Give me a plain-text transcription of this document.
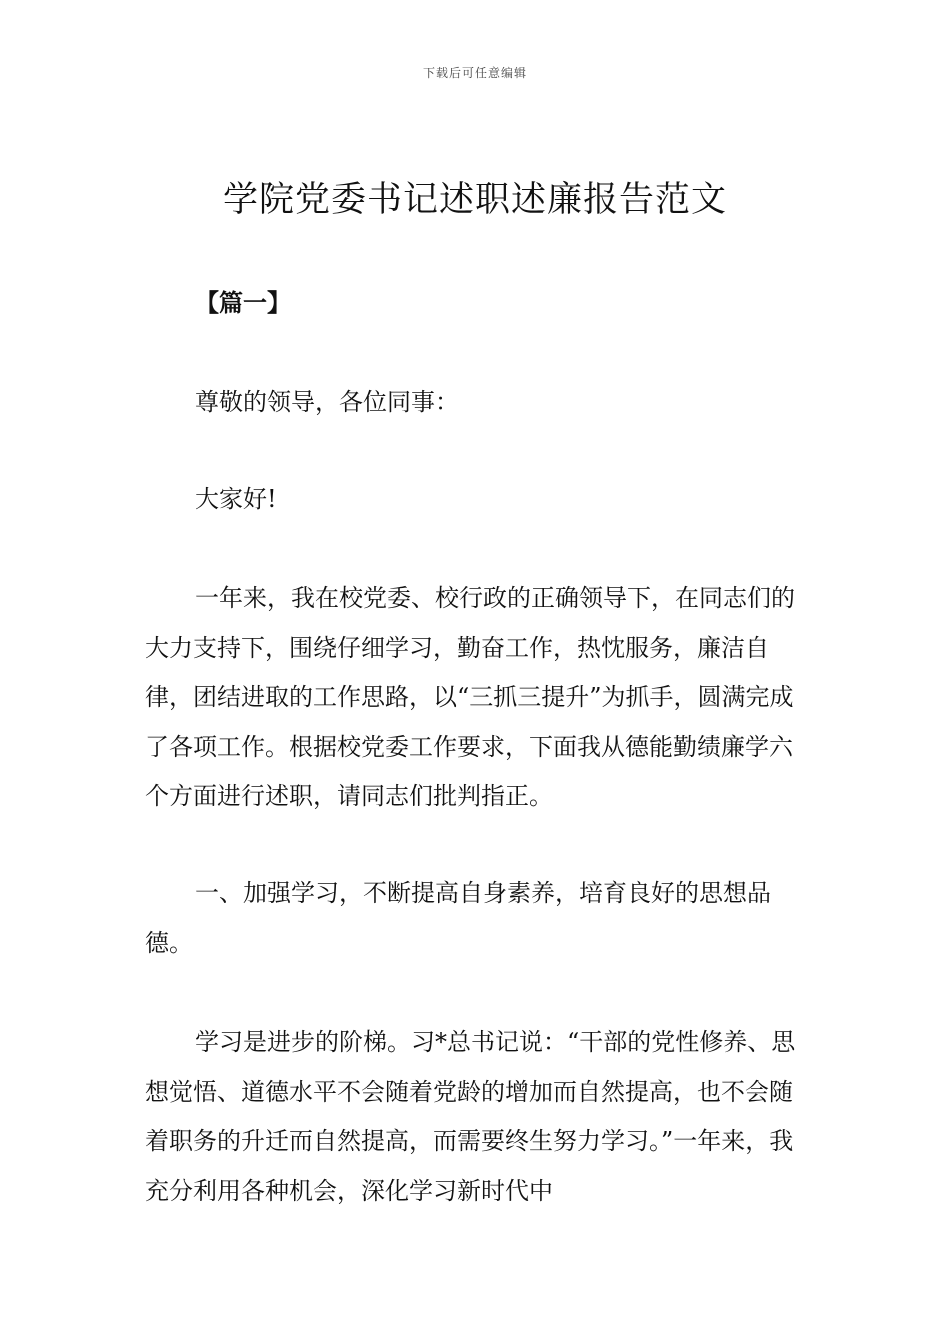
下载后可任意编辑
学院党委书记述职述廉报告范文
【篇一】

尊敬的领导，各位同事：

大家好!

一年来，我在校党委、校行政的正确领导下，在同志们的大力支持下，围绕仔细学习，勤奋工作，热忱服务，廉洁自律，团结进取的工作思路，以“三抓三提升”为抓手，圆满完成了各项工作。根据校党委工作要求，下面我从德能勤绩廉学六个方面进行述职，请同志们批判指正。

一、加强学习，不断提高自身素养，培育良好的思想品德。

学习是进步的阶梯。习*总书记说：“干部的党性修养、思想觉悟、道德水平不会随着党龄的增加而自然提高，也不会随着职务的升迁而自然提高，而需要终生努力学习。”一年来，我充分利用各种机会，深化学习新时代中
